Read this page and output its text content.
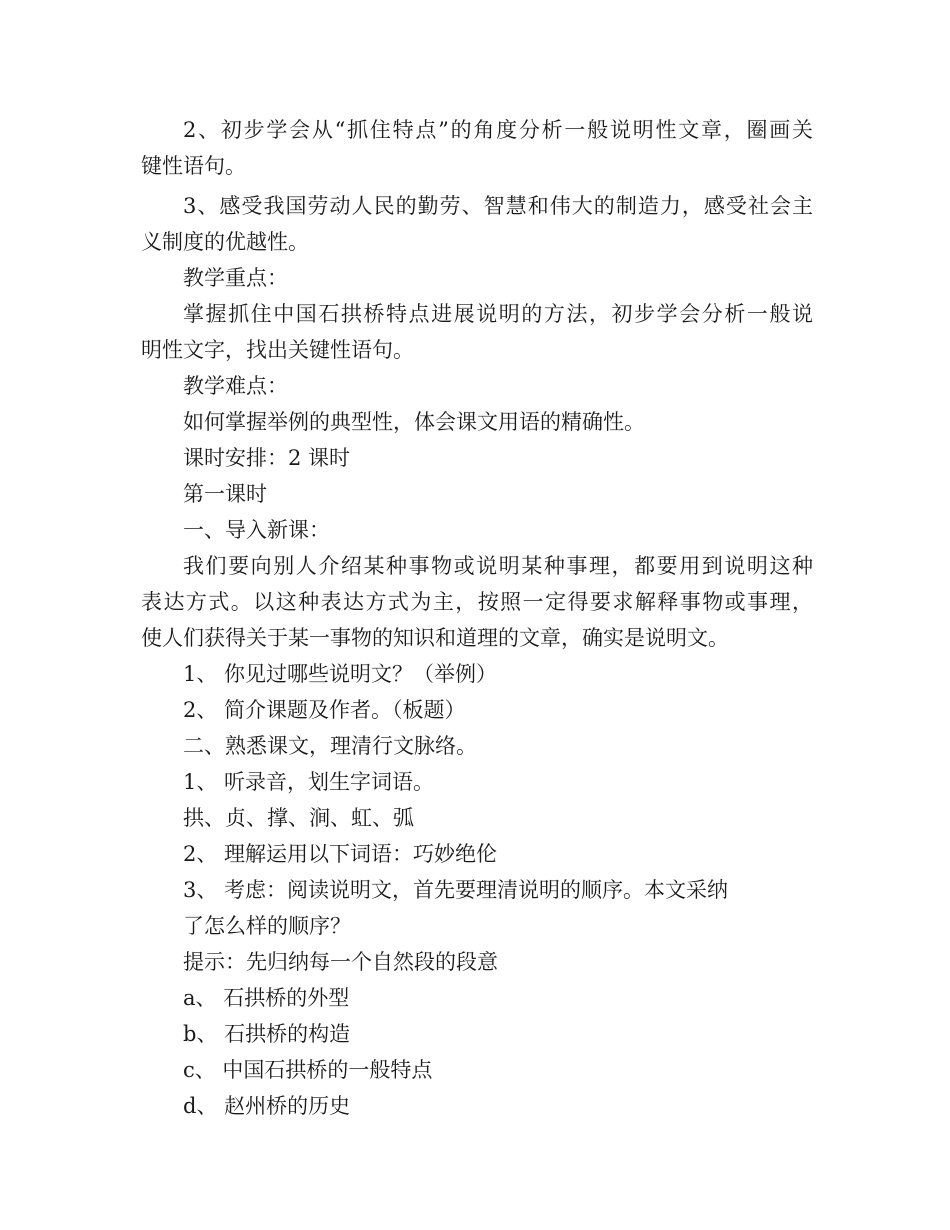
2、初步学会从“抓住特点”的角度分析一般说明性文章，圈画关
键性语句。
3、感受我国劳动人民的勤劳、智慧和伟大的制造力，感受社会主
义制度的优越性。
教学重点：
掌握抓住中国石拱桥特点进展说明的方法，初步学会分析一般说
明性文字，找出关键性语句。
教学难点：
如何掌握举例的典型性，体会课文用语的精确性。
课时安排：2 课时
第一课时
一、导入新课：
我们要向别人介绍某种事物或说明某种事理，都要用到说明这种
表达方式。以这种表达方式为主，按照一定得要求解释事物或事理，
使人们获得关于某一事物的知识和道理的文章，确实是说明文。
1、 你见过哪些说明文？（举例）
2、 简介课题及作者。（板题）
二、熟悉课文，理清行文脉络。
1、 听录音，划生字词语。
拱、贞、撑、涧、虹、弧
2、 理解运用以下词语：巧妙绝伦
3、 考虑：阅读说明文，首先要理清说明的顺序。本文采纳
了怎么样的顺序？
提示：先归纳每一个自然段的段意
a、 石拱桥的外型
b、 石拱桥的构造
c、 中国石拱桥的一般特点
d、 赵州桥的历史
